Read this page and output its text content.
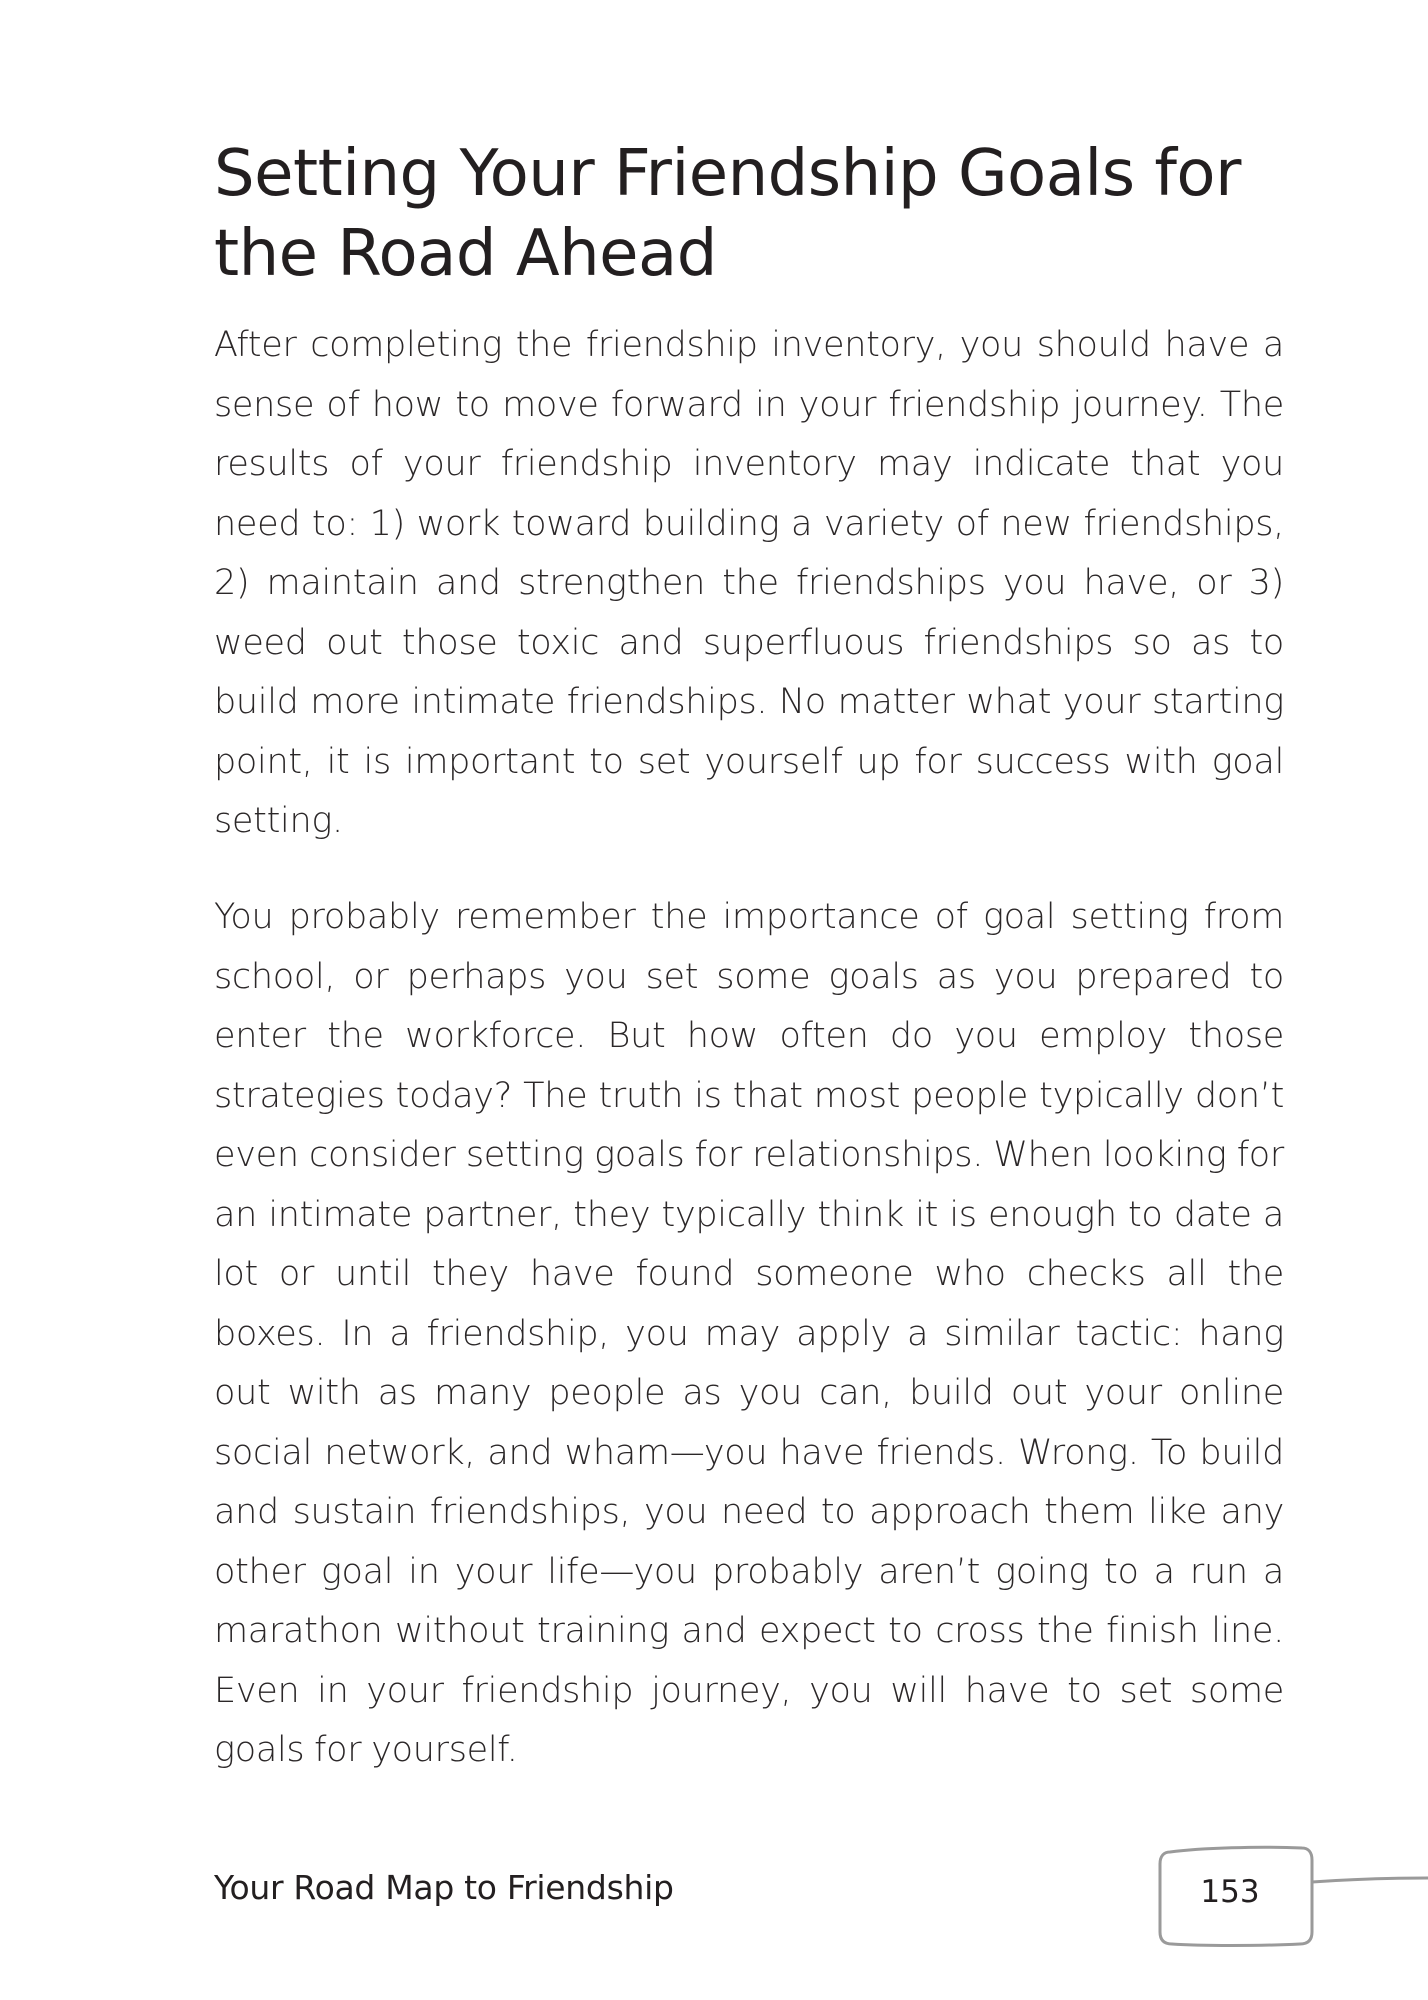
Setting Your Friendship Goals for the Road Ahead

After completing the friendship inventory, you should have a sense of how to move forward in your friendship journey. The results of your friendship inventory may indicate that you need to: 1) work toward building a variety of new friendships, 2) maintain and strengthen the friendships you have, or 3) weed out those toxic and superfluous friendships so as to build more intimate friendships. No matter what your starting point, it is important to set yourself up for success with goal setting.

You probably remember the importance of goal setting from school, or perhaps you set some goals as you prepared to enter the workforce. But how often do you employ those strategies today? The truth is that most people typically don’t even consider setting goals for relationships. When looking for an intimate partner, they typically think it is enough to date a lot or until they have found someone who checks all the boxes. In a friendship, you may apply a similar tactic: hang out with as many people as you can, build out your online social network, and wham—you have friends. Wrong. To build and sustain friendships, you need to approach them like any other goal in your life—you probably aren’t going to a run a marathon without training and expect to cross the finish line. Even in your friendship journey, you will have to set some goals for yourself.

Your Road Map to Friendship	153
